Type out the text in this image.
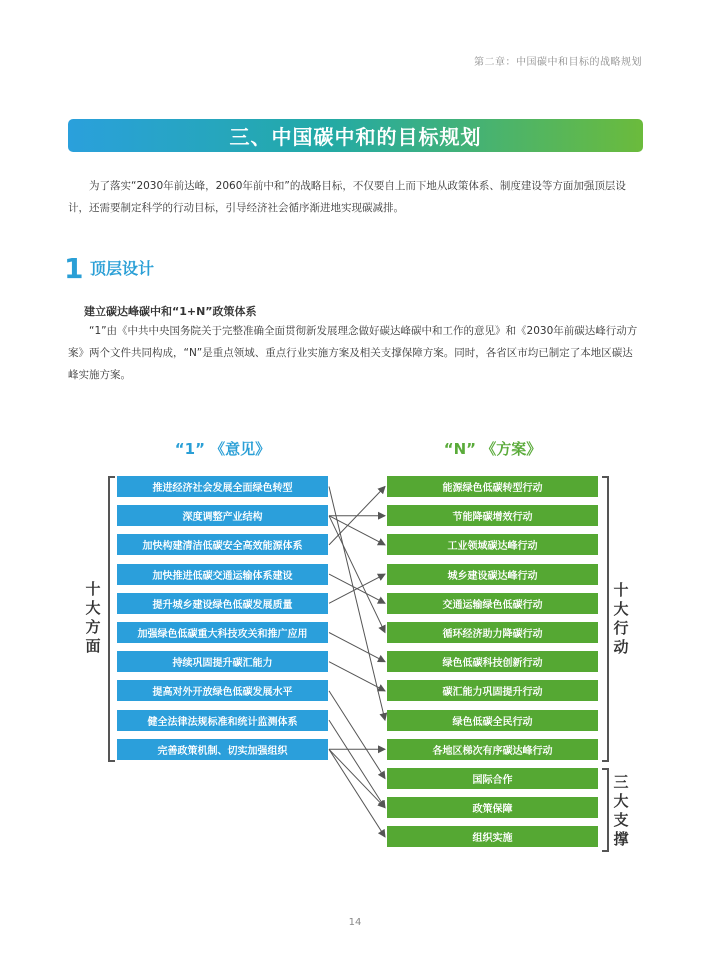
第二章：中国碳中和目标的战略规划
三、中国碳中和的目标规划

为了落实“2030年前达峰，2060年前中和”的战略目标，不仅要自上而下地从政策体系、制度建设等方面加强顶层设计，还需要制定科学的行动目标，引导经济社会循序渐进地实现碳减排。

1 顶层设计
建立碳达峰碳中和“1+N”政策体系

“1”由《中共中央国务院关于完整准确全面贯彻新发展理念做好碳达峰碳中和工作的意见》和《2030年前碳达峰行动方案》两个文件共同构成，“N”是重点领域、重点行业实施方案及相关支撑保障方案。同时，各省区市均已制定了本地区碳达峰实施方案。

“1” 《意见》	“N” 《方案》
十大方面
十大行动
三大支撑
推进经济社会发展全面绿色转型
深度调整产业结构
加快构建清洁低碳安全高效能源体系
加快推进低碳交通运输体系建设
提升城乡建设绿色低碳发展质量
加强绿色低碳重大科技攻关和推广应用
持续巩固提升碳汇能力
提高对外开放绿色低碳发展水平
健全法律法规标准和统计监测体系
完善政策机制、切实加强组织
能源绿色低碳转型行动
节能降碳增效行动
工业领域碳达峰行动
城乡建设碳达峰行动
交通运输绿色低碳行动
循环经济助力降碳行动
绿色低碳科技创新行动
碳汇能力巩固提升行动
绿色低碳全民行动
各地区梯次有序碳达峰行动
国际合作
政策保障
组织实施
14
